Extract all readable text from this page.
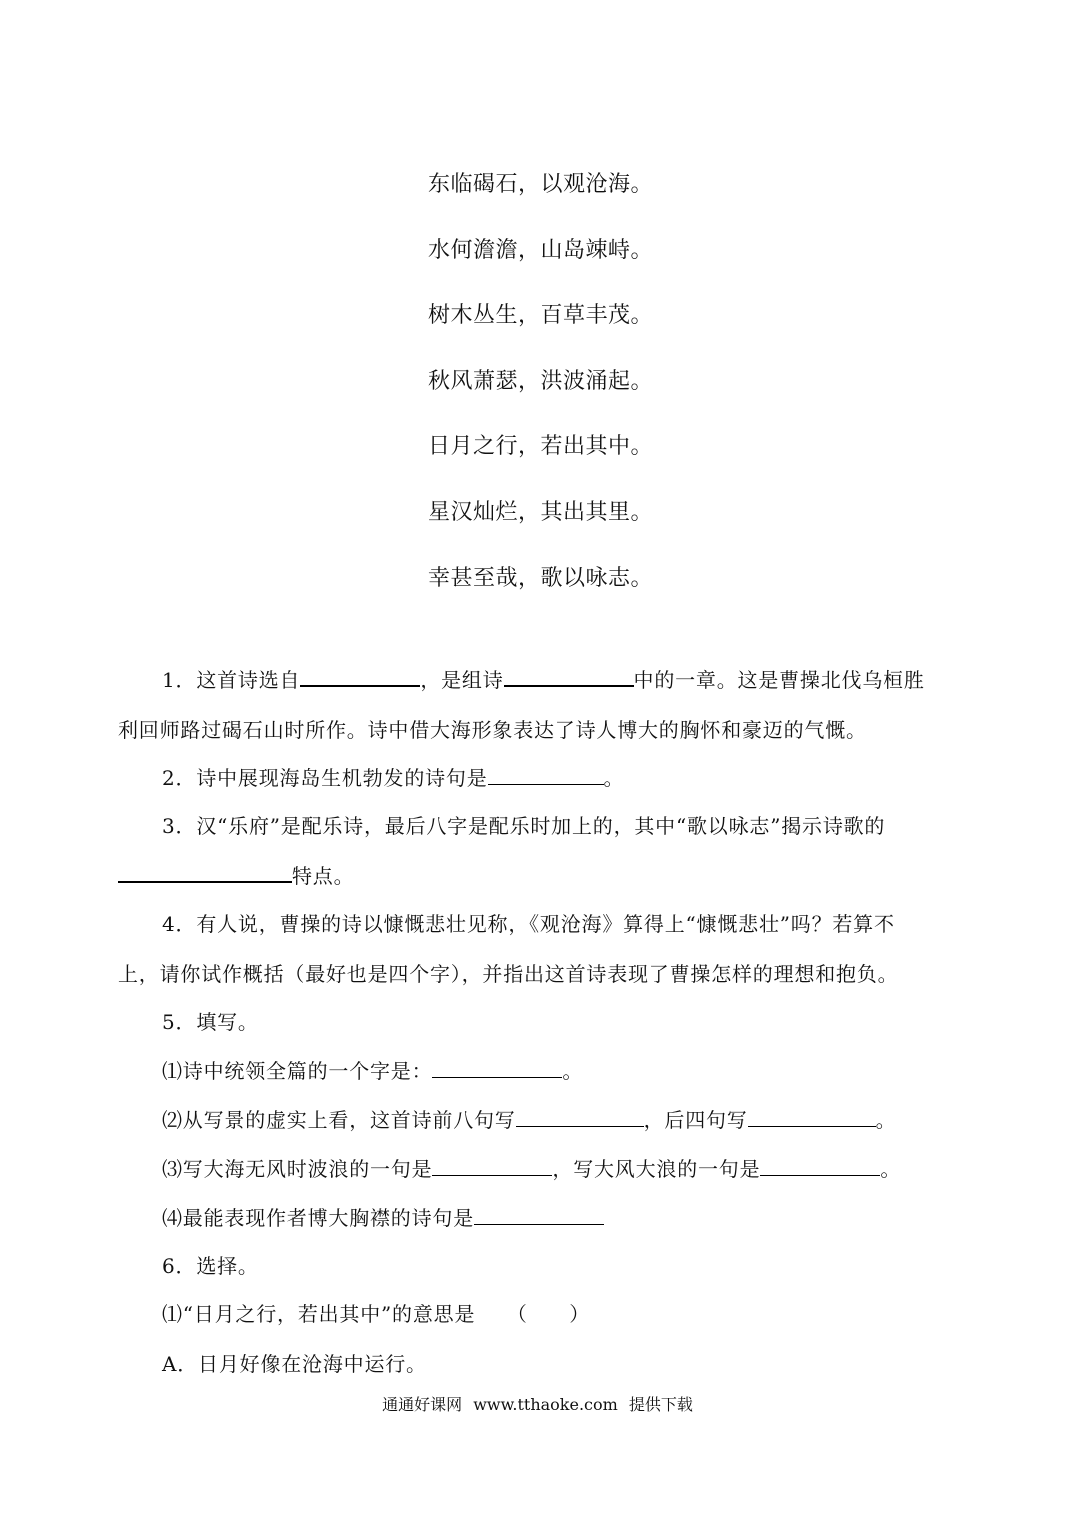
东临碣石，以观沧海。
水何澹澹，山岛竦峙。
树木丛生，百草丰茂。
秋风萧瑟，洪波涌起。
日月之行，若出其中。
星汉灿烂，其出其里。
幸甚至哉，歌以咏志。
1．这首诗选自	，是组诗	中的一章。这是曹操北伐乌桓胜
利回师路过碣石山时所作。诗中借大海形象表达了诗人博大的胸怀和豪迈的气慨。
2．诗中展现海岛生机勃发的诗句是	。
3．汉“乐府”是配乐诗，最后八字是配乐时加上的，其中“歌以咏志”揭示诗歌的
特点。
4．有人说，曹操的诗以慷慨悲壮见称，《观沧海》算得上“慷慨悲壮”吗？若算不
上，请你试作概括（最好也是四个字），并指出这首诗表现了曹操怎样的理想和抱负。
5．填写。
⑴诗中统领全篇的一个字是：	。
⑵从写景的虚实上看，这首诗前八句写	，后四句写	。
⑶写大海无风时波浪的一句是	，写大风大浪的一句是	。
⑷最能表现作者博大胸襟的诗句是
6．选择。
⑴“日月之行，若出其中”的意思是　　（　　）
A．日月好像在沧海中运行。
通通好课网 www.tthaoke.com 提供下载
